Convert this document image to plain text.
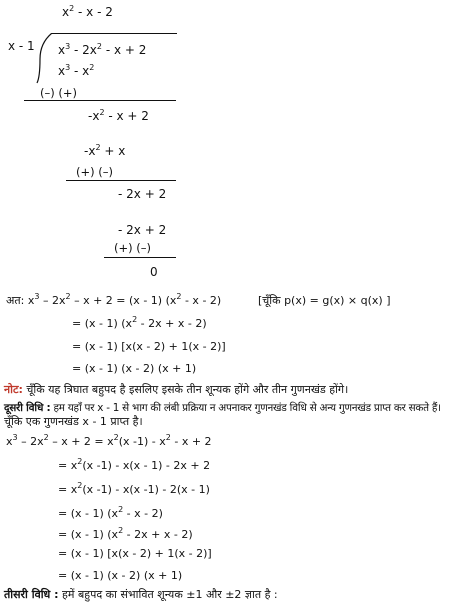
$x^2$ - x - 2
x - 1 $x^3 - 2x^2 - x + 2$
$x^3 - x^2$
(–) (+)
$-x^2 - x + 2$
$-x^2 + x$
(+) (–)
- 2x + 2
- 2x + 2
(+) (–)
0
अत: $x^3 - 2x^2 - x + 2 = (x - 1)$ ($x^2$ - x - 2)	[चूँकि p(x) = g(x) × q(x) ]
= (x - 1) $(x^2 - 2x + x - 2)$
= (x - 1) [x(x - 2) + 1(x - 2)]
= (x - 1) (x - 2) (x + 1)
नोट: चूँकि यह त्रिघात बहुपद है इसलिए इसके तीन शून्यक होंगे और तीन गुणनखंड होंगे।
दूसरी विधि : हम यहाँ पर x - 1 से भाग की लंबी प्रक्रिया न अपनाकर गुणनखंड विधि से अन्य गुणनखंड प्राप्त कर सकते हैं।
चूँकि एक गुणनखंड x - 1 प्राप्त है।
$x^3 - 2x^2 - x + 2 = x^2(x$ $-1) - x^2 - x + 2$
= $x^2(x$ -1) - x(x - 1) - 2x + 2
= $x^2(x$ -1) - x(x -1) - 2(x - 1)
= (x - 1) ($x^2$ - x - 2)
= (x - 1) $(x^2 - 2x + x - 2)$
= (x - 1) [x(x - 2) + 1(x - 2)]
= (x - 1) (x - 2) (x + 1)
तीसरी विधि : हमें बहुपद का संभावित शून्यक ±1 और ±2 ज्ञात है :
